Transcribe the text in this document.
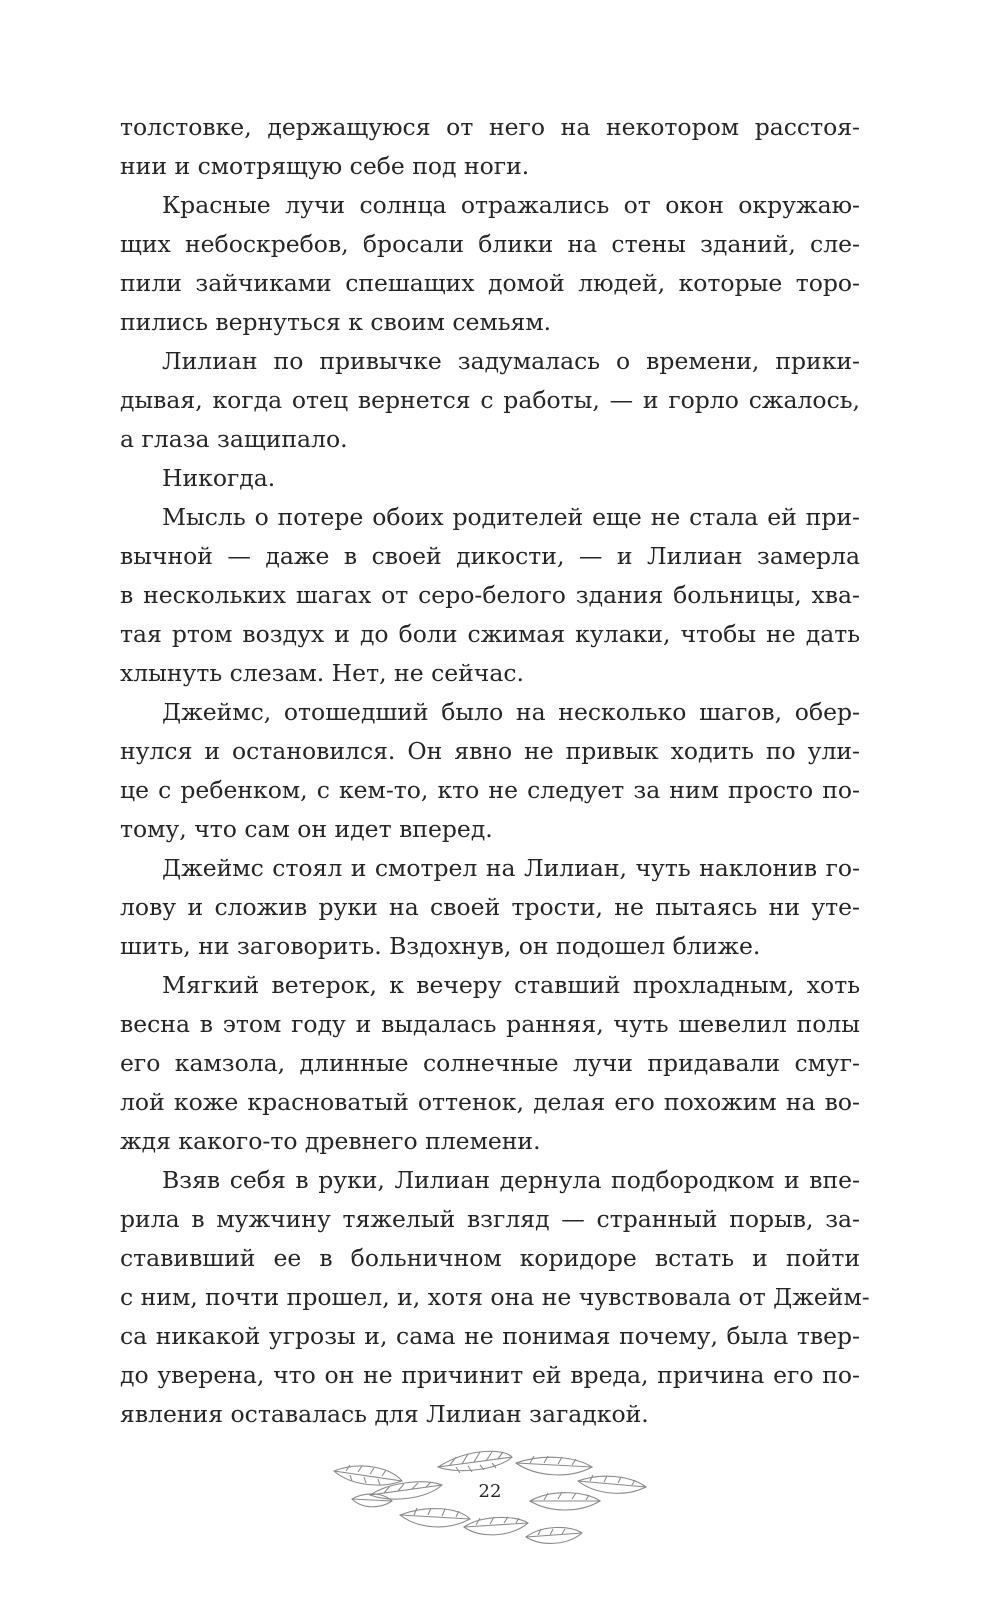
толстовке, держащуюся от него на некотором расстоя-
нии и смотрящую себе под ноги.
Красные лучи солнца отражались от окон окружаю-
щих небоскребов, бросали блики на стены зданий, сле-
пили зайчиками спешащих домой людей, которые торо-
пились вернуться к своим семьям.
Лилиан по привычке задумалась о времени, прики-
дывая, когда отец вернется с работы, — и горло сжалось,
а глаза защипало.
Никогда.
Мысль о потере обоих родителей еще не стала ей при-
вычной — даже в своей дикости, — и Лилиан замерла
в нескольких шагах от серо-белого здания больницы, хва-
тая ртом воздух и до боли сжимая кулаки, чтобы не дать
хлынуть слезам. Нет, не сейчас.
Джеймс, отошедший было на несколько шагов, обер-
нулся и остановился. Он явно не привык ходить по ули-
це с ребенком, с кем-то, кто не следует за ним просто по-
тому, что сам он идет вперед.
Джеймс стоял и смотрел на Лилиан, чуть наклонив го-
лову и сложив руки на своей трости, не пытаясь ни уте-
шить, ни заговорить. Вздохнув, он подошел ближе.
Мягкий ветерок, к вечеру ставший прохладным, хоть
весна в этом году и выдалась ранняя, чуть шевелил полы
его камзола, длинные солнечные лучи придавали смуг-
лой коже красноватый оттенок, делая его похожим на во-
ждя какого-то древнего племени.
Взяв себя в руки, Лилиан дернула подбородком и впе-
рила в мужчину тяжелый взгляд — странный порыв, за-
ставивший ее в больничном коридоре встать и пойти
с ним, почти прошел, и, хотя она не чувствовала от Джейм-
са никакой угрозы и, сама не понимая почему, была твер-
до уверена, что он не причинит ей вреда, причина его по-
явления оставалась для Лилиан загадкой.
22
